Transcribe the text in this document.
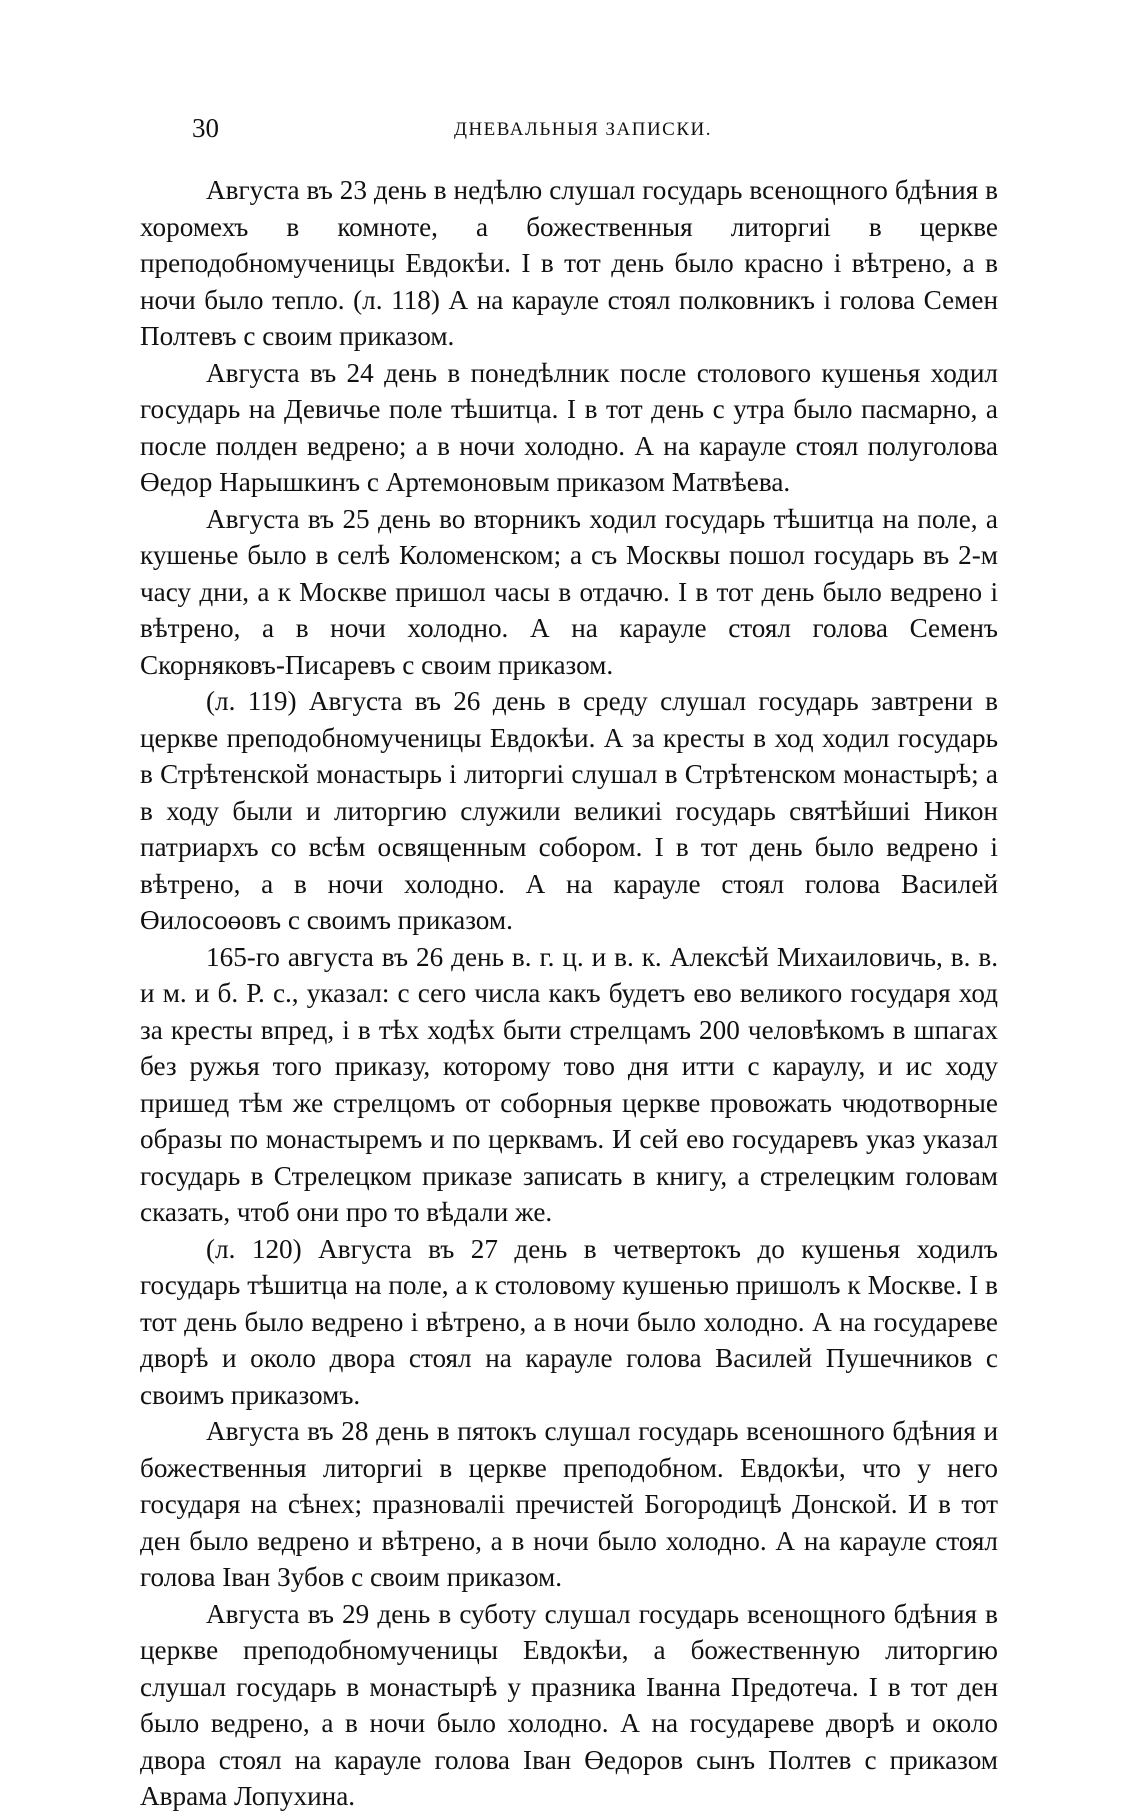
30	ДНЕВАЛЬНЫЯ ЗАПИСКИ.

Августа въ 23 день в недѣлю слушал государь всенощного бдѣния в хоромехъ в комноте, а божественныя литоргиі в церкве преподобномученицы Евдокѣи. І в тот день было красно і вѣтрено, а в ночи было тепло. (л. 118) А на карауле стоял полковникъ і голова Семен Полтевъ с своим приказом.

Августа въ 24 день в понедѣлник после столового кушенья ходил государь на Девичье поле тѣшитца. І в тот день с утра было пасмарно, а после полден ведрено; а в ночи холодно. А на карауле стоял полуголова Өедор Нарышкинъ с Артемоновым приказом Матвѣева.

Августа въ 25 день во вторникъ ходил государь тѣшитца на поле, а кушенье было в селѣ Коломенском; а съ Москвы пошол государь въ 2-м часу дни, а к Москве пришол часы в отдачю. І в тот день было ведрено і вѣтрено, а в ночи холодно. А на карауле стоял голова Семенъ Скорняковъ-Писаревъ с своим приказом.

(л. 119) Августа въ 26 день в среду слушал государь завтрени в церкве преподобномученицы Евдокѣи. А за кресты в ход ходил государь в Стрѣтенской монастырь і литоргиі слушал в Стрѣтенском монастырѣ; а в ходу были и литоргию служили великиі государь святѣйшиі Никон патриархъ со всѣм освященным собором. І в тот день было ведрено і вѣтрено, а в ночи холодно. А на карауле стоял голова Василей Өилосоөовъ с своимъ приказом.

165-го августа въ 26 день в. г. ц. и в. к. Алексѣй Михаиловичь, в. в. и м. и б. Р. с., указал: с сего числа какъ будетъ ево великого государя ход за кресты впред, і в тѣх ходѣх быти стрелцамъ 200 человѣкомъ в шпагах без ружья того приказу, которому тово дня итти с караулу, и ис ходу пришед тѣм же стрелцомъ от соборныя церкве провожать чюдотворные образы по монастыремъ и по церквамъ. И сей ево государевъ указ указал государь в Стрелецком приказе записать в книгу, а стрелецким головам сказать, чтоб они про то вѣдали же.

(л. 120) Августа въ 27 день в четвертокъ до кушенья ходилъ государь тѣшитца на поле, а к столовому кушенью пришолъ к Москве. І в тот день было ведрено і вѣтрено, а в ночи было холодно. А на государеве дворѣ и около двора стоял на карауле голова Василей Пушечников с своимъ приказомъ.

Августа въ 28 день в пятокъ слушал государь всеношного бдѣния и божественныя литоргиі в церкве преподобном. Евдокѣи, что у него государя на сѣнех; празноваліі пречистей Богородицѣ Донской. И в тот ден было ведрено и вѣтрено, а в ночи было холодно. А на карауле стоял голова Іван Зубов с своим приказом.

Августа въ 29 день в суботу слушал государь всенощного бдѣния в церкве преподобномученицы Евдокѣи, а божественную литоргию слушал государь в монастырѣ у празника Іванна Предотеча. І в тот ден было ведрено, а в ночи было холодно. А на государеве дворѣ и около двора стоял на карауле голова Іван Өедоров сынъ Полтев с приказом Аврама Лопухина.
